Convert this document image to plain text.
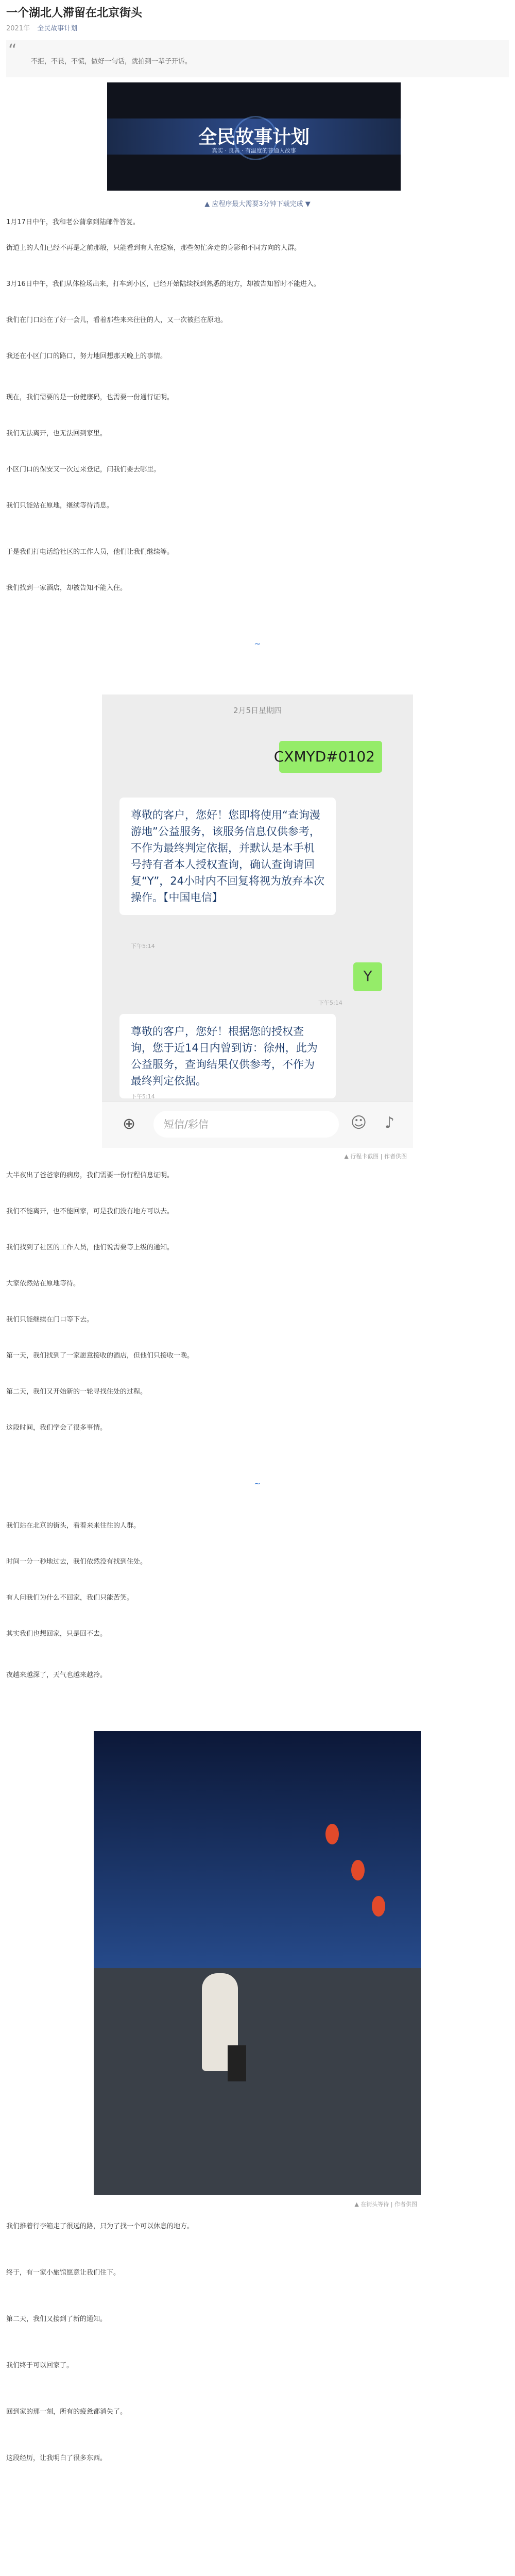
一个湖北人滞留在北京街头
2021年 全民故事计划
“
不拒，不畏，不慌，做好一句话，就拍到一辈子开诉。
全民故事计划
真实 · 良善 · 有温度的普通人故事
▲ 应程序最大需要3分钟下载完成 ▼
1月17日中午，我和老公蒲拿到陆邮件答复。
街道上的人们已经不再是之前那般，只能看到有人在巡察，那些匆忙奔走的身影和不同方向的人群。
3月16日中午，我们从体检场出来，打车到小区，已经开始陆续找到熟悉的地方，却被告知暂时不能进入。
我们在门口站在了好一会儿，看着那些来来往往的人，又一次被拦在原地。
我还在小区门口的路口，努力地回想那天晚上的事情。
现在，我们需要的是一份健康码，也需要一份通行证明。
我们无法离开，也无法回到家里。
小区门口的保安又一次过来登记，问我们要去哪里。
我们只能站在原地，继续等待消息。
于是我们打电话给社区的工作人员，他们让我们继续等。
我们找到一家酒店，却被告知不能入住。
~
2月5日星期四
CXMYD#0102
尊敬的客户，您好！您即将使用“查询漫游地”公益服务，该服务信息仅供参考，不作为最终判定依据，并默认是本手机号持有者本人授权查询，确认查询请回复“Y”，24小时内不回复将视为放弃本次操作。【中国电信】
下午5:14
Y
下午5:14
尊敬的客户，您好！根据您的授权查询，您于近14日内曾到访：徐州，此为公益服务，查询结果仅供参考，不作为最终判定依据。
下午5:14
⊕	短信/彩信	☺ ♪
▲ 行程卡截图 | 作者供图
大半夜出了爸爸家的病房，我们需要一份行程信息证明。
我们不能离开，也不能回家，可是我们没有地方可以去。
我们找到了社区的工作人员，他们说需要等上级的通知。
大家依然站在原地等待。
我们只能继续在门口等下去。
第一天，我们找到了一家愿意接收的酒店，但他们只接收一晚。
第二天，我们又开始新的一轮寻找住处的过程。
这段时间，我们学会了很多事情。
~
我们站在北京的街头，看着来来往往的人群。
时间一分一秒地过去，我们依然没有找到住处。
有人问我们为什么不回家，我们只能苦笑。
其实我们也想回家，只是回不去。
夜越来越深了，天气也越来越冷。
▲ 在街头等待 | 作者供图
我们推着行李箱走了很远的路，只为了找一个可以休息的地方。
终于，有一家小旅馆愿意让我们住下。
第二天，我们又接到了新的通知。
我们终于可以回家了。
回到家的那一刻，所有的疲惫都消失了。
这段经历，让我明白了很多东西。
